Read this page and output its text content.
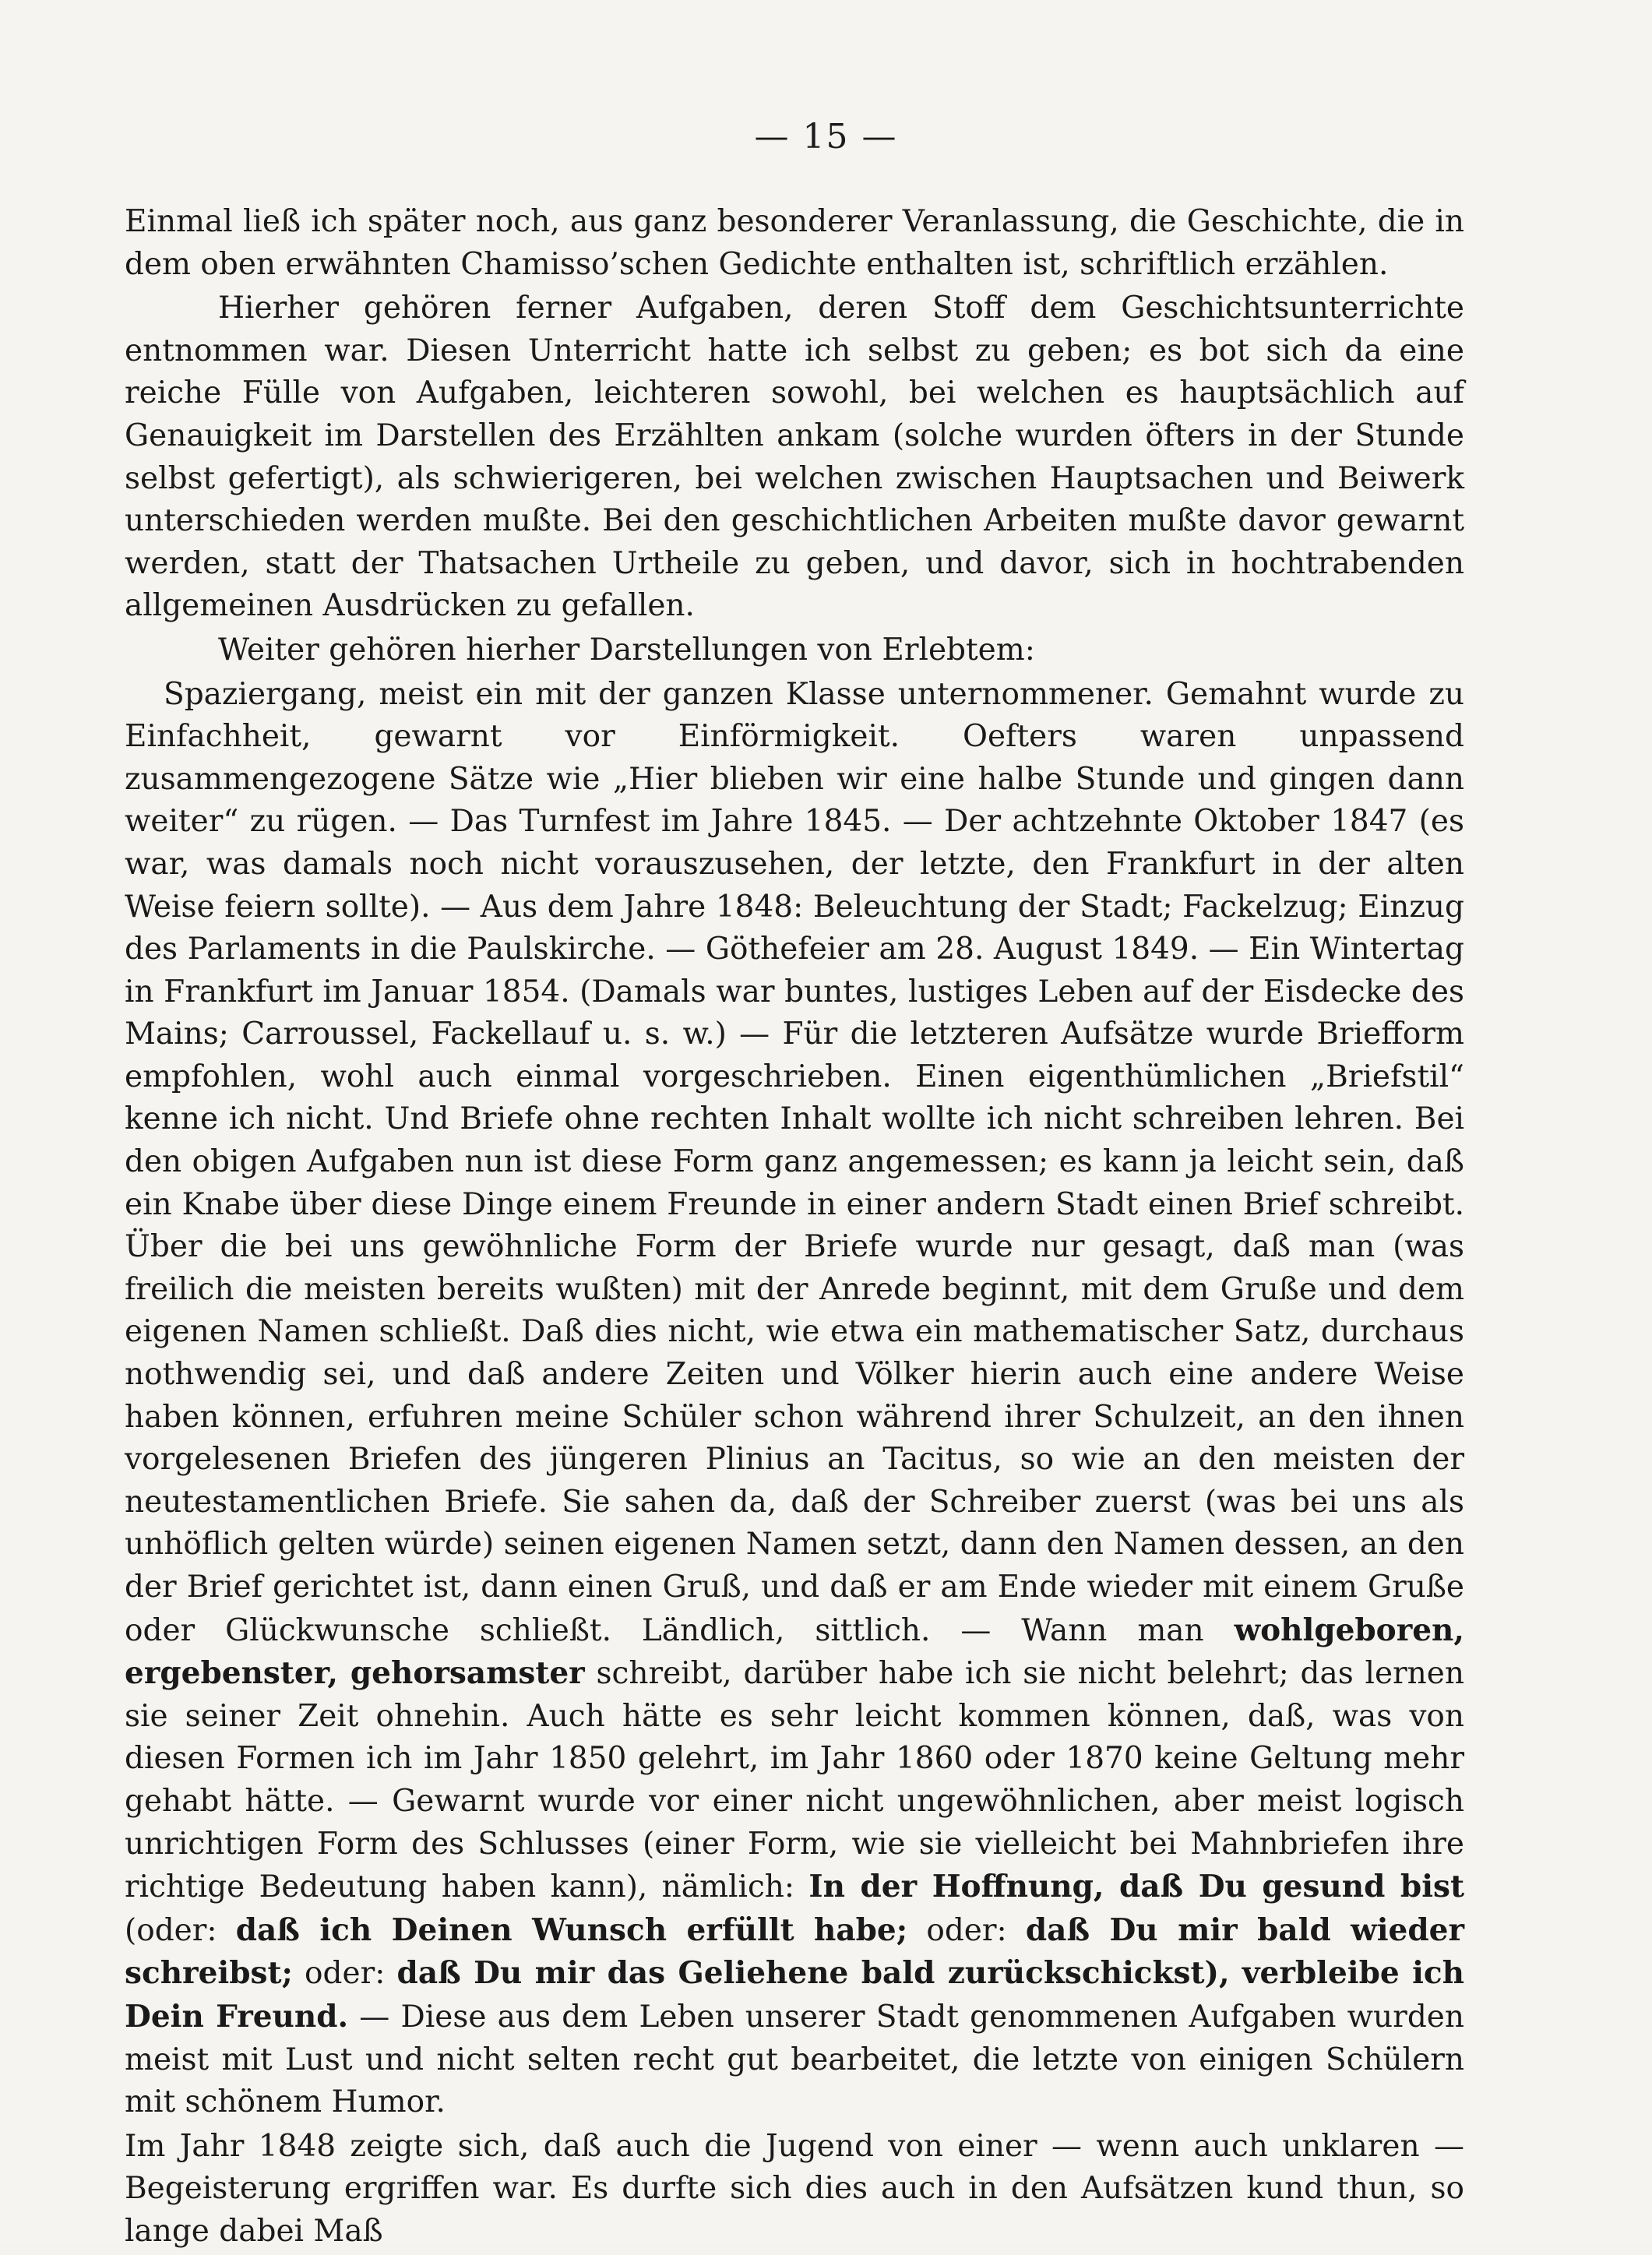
— 15 —

Einmal ließ ich später noch, aus ganz besonderer Veranlassung, die Geschichte, die in dem oben erwähnten Chamisso’schen Gedichte enthalten ist, schriftlich erzählen.

Hierher gehören ferner Aufgaben, deren Stoff dem Geschichtsunterrichte entnommen war. Diesen Unterricht hatte ich selbst zu geben; es bot sich da eine reiche Fülle von Aufgaben, leichteren sowohl, bei welchen es hauptsächlich auf Genauigkeit im Darstellen des Erzählten ankam (solche wurden öfters in der Stunde selbst gefertigt), als schwierigeren, bei welchen zwischen Hauptsachen und Beiwerk unterschieden werden mußte. Bei den geschichtlichen Arbeiten mußte davor gewarnt werden, statt der Thatsachen Urtheile zu geben, und davor, sich in hochtrabenden allgemeinen Ausdrücken zu gefallen.

Weiter gehören hierher Darstellungen von Erlebtem:

Spaziergang, meist ein mit der ganzen Klasse unternommener. Gemahnt wurde zu Einfachheit, gewarnt vor Einförmigkeit. Oefters waren unpassend zusammengezogene Sätze wie „Hier blieben wir eine halbe Stunde und gingen dann weiter“ zu rügen. — Das Turnfest im Jahre 1845. — Der achtzehnte Oktober 1847 (es war, was damals noch nicht vorauszusehen, der letzte, den Frankfurt in der alten Weise feiern sollte). — Aus dem Jahre 1848: Beleuchtung der Stadt; Fackelzug; Einzug des Parlaments in die Paulskirche. — Göthefeier am 28. August 1849. — Ein Wintertag in Frankfurt im Januar 1854. (Damals war buntes, lustiges Leben auf der Eisdecke des Mains; Carroussel, Fackellauf u. s. w.) — Für die letzteren Aufsätze wurde Briefform empfohlen, wohl auch einmal vorgeschrieben. Einen eigenthümlichen „Briefstil“ kenne ich nicht. Und Briefe ohne rechten Inhalt wollte ich nicht schreiben lehren. Bei den obigen Aufgaben nun ist diese Form ganz angemessen; es kann ja leicht sein, daß ein Knabe über diese Dinge einem Freunde in einer andern Stadt einen Brief schreibt. Über die bei uns gewöhnliche Form der Briefe wurde nur gesagt, daß man (was freilich die meisten bereits wußten) mit der Anrede beginnt, mit dem Gruße und dem eigenen Namen schließt. Daß dies nicht, wie etwa ein mathematischer Satz, durchaus nothwendig sei, und daß andere Zeiten und Völker hierin auch eine andere Weise haben können, erfuhren meine Schüler schon während ihrer Schulzeit, an den ihnen vorgelesenen Briefen des jüngeren Plinius an Tacitus, so wie an den meisten der neutestamentlichen Briefe. Sie sahen da, daß der Schreiber zuerst (was bei uns als unhöflich gelten würde) seinen eigenen Namen setzt, dann den Namen dessen, an den der Brief gerichtet ist, dann einen Gruß, und daß er am Ende wieder mit einem Gruße oder Glückwunsche schließt. Ländlich, sittlich. — Wann man wohlgeboren, ergebenster, gehorsamster schreibt, darüber habe ich sie nicht belehrt; das lernen sie seiner Zeit ohnehin. Auch hätte es sehr leicht kommen können, daß, was von diesen Formen ich im Jahr 1850 gelehrt, im Jahr 1860 oder 1870 keine Geltung mehr gehabt hätte. — Gewarnt wurde vor einer nicht ungewöhnlichen, aber meist logisch unrichtigen Form des Schlusses (einer Form, wie sie vielleicht bei Mahnbriefen ihre richtige Bedeutung haben kann), nämlich: In der Hoffnung, daß Du gesund bist (oder: daß ich Deinen Wunsch erfüllt habe; oder: daß Du mir bald wieder schreibst; oder: daß Du mir das Geliehene bald zurückschickst), verbleibe ich Dein Freund. — Diese aus dem Leben unserer Stadt genommenen Aufgaben wurden meist mit Lust und nicht selten recht gut bearbeitet, die letzte von einigen Schülern mit schönem Humor.

Im Jahr 1848 zeigte sich, daß auch die Jugend von einer — wenn auch unklaren — Begeisterung ergriffen war. Es durfte sich dies auch in den Aufsätzen kund thun, so lange dabei Maß
